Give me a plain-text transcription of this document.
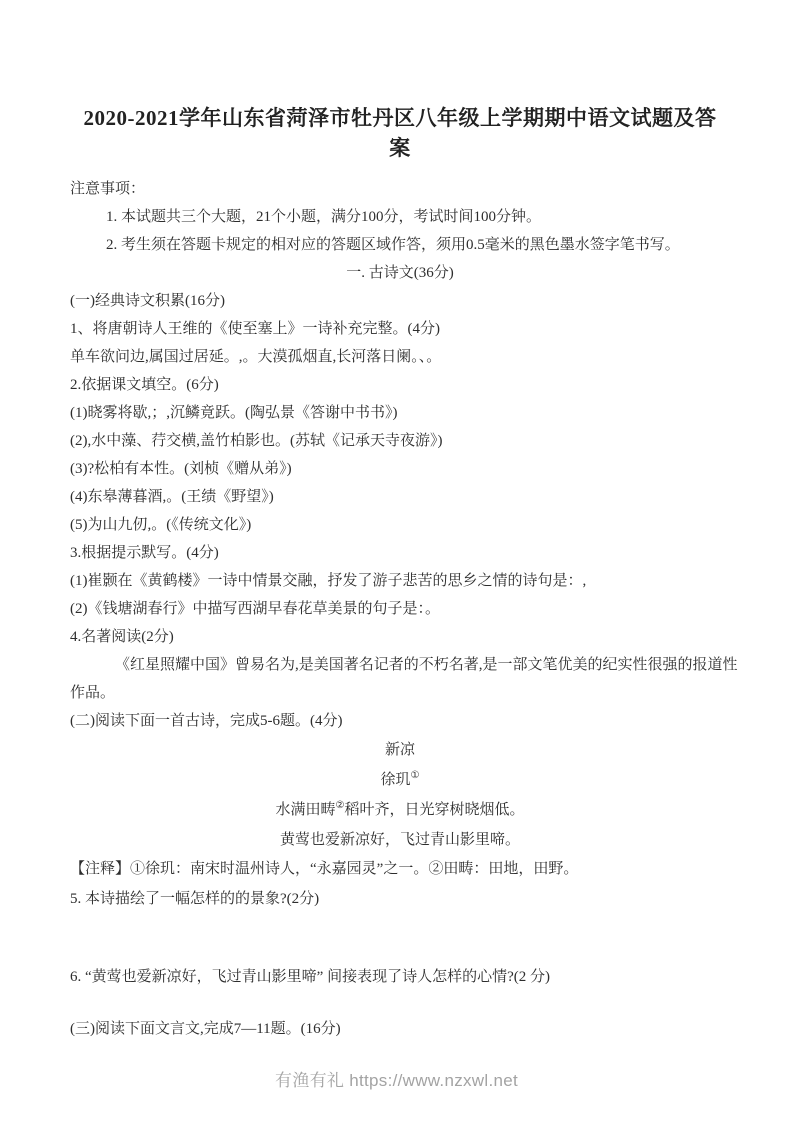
2020-2021学年山东省菏泽市牡丹区八年级上学期期中语文试题及答案

注意事项：

1. 本试题共三个大题，21个小题，满分100分，考试时间100分钟。

2. 考生须在答题卡规定的相对应的答题区域作答，须用0.5毫米的黑色墨水签字笔书写。

一. 古诗文(36分)

(一)经典诗文积累(16分)

1、将唐朝诗人王维的《使至塞上》一诗补充完整。(4分)

单车欲问边,属国过居延。,。大漠孤烟直,长河落日阑。、。

2.依据课文填空。(6分)

(1)晓雾将歇,；,沉鳞竟跃。(陶弘景《答谢中书书》)

(2),水中藻、荇交横,盖竹柏影也。(苏轼《记承天寺夜游》)

(3)?松柏有本性。(刘桢《赠从弟》)

(4)东皋薄暮酒,。(王绩《野望》)

(5)为山九仞,。(《传统文化》)

3.根据提示默写。(4分)

(1)崔颢在《黄鹤楼》一诗中情景交融，抒发了游子悲苦的思乡之情的诗句是：,

(2)《钱塘湖春行》中描写西湖早春花草美景的句子是：。

4.名著阅读(2分)

《红星照耀中国》曾易名为,是美国著名记者的不朽名著,是一部文笔优美的纪实性很强的报道性作品。

(二)阅读下面一首古诗，完成5-6题。(4分)

新凉

徐玑①

水满田畴②稻叶齐，日光穿树晓烟低。

黄莺也爱新凉好，飞过青山影里啼。

【注释】①徐玑：南宋时温州诗人，“永嘉园灵”之一。②田畴：田地，田野。

5. 本诗描绘了一幅怎样的的景象?(2分)

6. “黄莺也爱新凉好，飞过青山影里啼” 间接表现了诗人怎样的心情?(2 分)

(三)阅读下面文言文,完成7—11题。(16分)

有渔有礼 https://www.nzxwl.net
